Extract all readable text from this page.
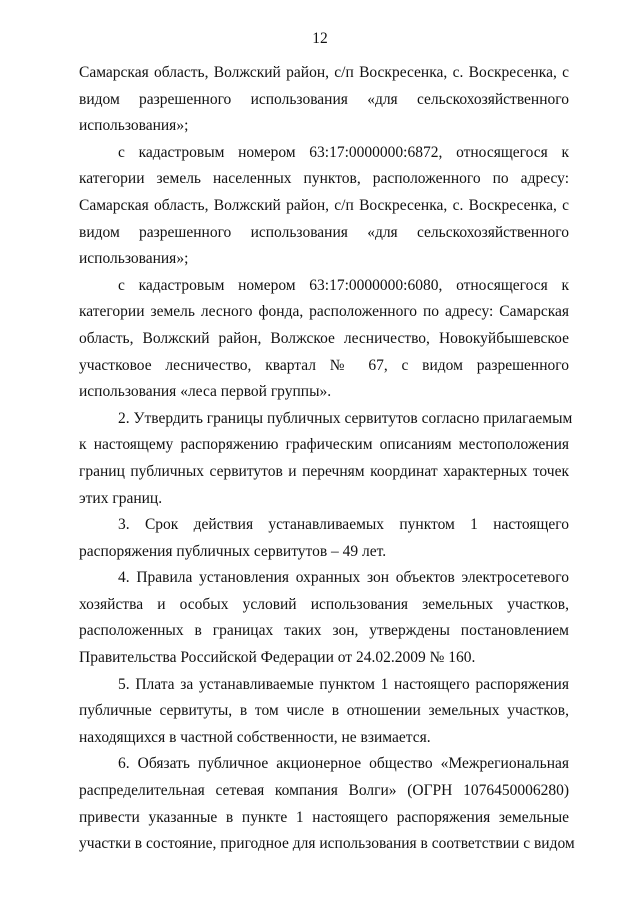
12
Самарская область, Волжский район, с/п Воскресенка, с. Воскресенка, с
видом разрешенного использования «для сельскохозяйственного
использования»;
с кадастровым номером 63:17:0000000:6872, относящегося к
категории земель населенных пунктов, расположенного по адресу:
Самарская область, Волжский район, с/п Воскресенка, с. Воскресенка, с
видом разрешенного использования «для сельскохозяйственного
использования»;
с кадастровым номером 63:17:0000000:6080, относящегося к
категории земель лесного фонда, расположенного по адресу: Самарская
область, Волжский район, Волжское лесничество, Новокуйбышевское
участковое лесничество, квартал № 67, с видом разрешенного
использования «леса первой группы».
2. Утвердить границы публичных сервитутов согласно прилагаемым
к настоящему распоряжению графическим описаниям местоположения
границ публичных сервитутов и перечням координат характерных точек
этих границ.
3. Срок действия устанавливаемых пунктом 1 настоящего
распоряжения публичных сервитутов – 49 лет.
4. Правила установления охранных зон объектов электросетевого
хозяйства и особых условий использования земельных участков,
расположенных в границах таких зон, утверждены постановлением
Правительства Российской Федерации от 24.02.2009 № 160.
5. Плата за устанавливаемые пунктом 1 настоящего распоряжения
публичные сервитуты, в том числе в отношении земельных участков,
находящихся в частной собственности, не взимается.
6. Обязать публичное акционерное общество «Межрегиональная
распределительная сетевая компания Волги» (ОГРН 1076450006280)
привести указанные в пункте 1 настоящего распоряжения земельные
участки в состояние, пригодное для использования в соответствии с видом
